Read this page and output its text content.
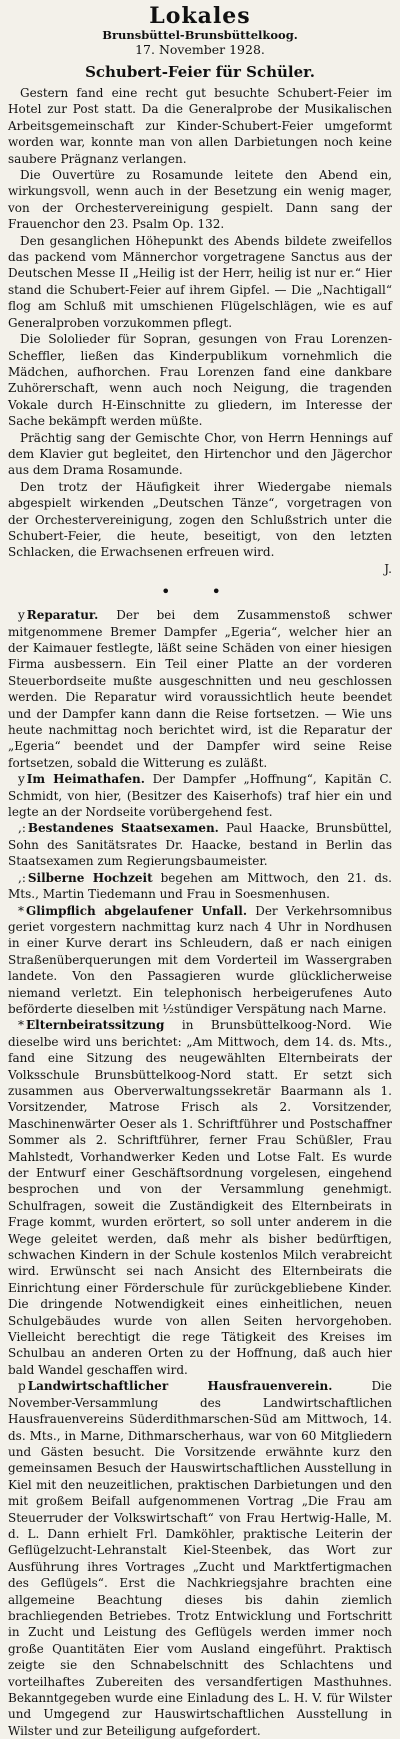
Lokales
Brunsbüttel-Brunsbüttelkoog.
17. November 1928.
Schubert-Feier für Schüler.

Gestern fand eine recht gut besuchte Schubert-Feier im Hotel zur Post statt. Da die Generalprobe der Musikalischen Arbeitsgemeinschaft zur Kinder-Schubert-Feier umgeformt worden war, konnte man von allen Darbietungen noch keine saubere Prägnanz verlangen.

Die Ouvertüre zu Rosamunde leitete den Abend ein, wirkungsvoll, wenn auch in der Besetzung ein wenig mager, von der Orchestervereinigung gespielt. Dann sang der Frauenchor den 23. Psalm Op. 132.

Den gesanglichen Höhepunkt des Abends bildete zweifellos das packend vom Männerchor vorgetragene Sanctus aus der Deutschen Messe II „Heilig ist der Herr, heilig ist nur er.“ Hier stand die Schubert-Feier auf ihrem Gipfel. — Die „Nachtigall“ flog am Schluß mit umschienen Flügelschlägen, wie es auf Generalproben vorzukommen pflegt.

Die Sololieder für Sopran, gesungen von Frau Lorenzen-Scheffler, ließen das Kinderpublikum vornehmlich die Mädchen, aufhorchen. Frau Lorenzen fand eine dankbare Zuhörerschaft, wenn auch noch Neigung, die tragenden Vokale durch H-Einschnitte zu gliedern, im Interesse der Sache bekämpft werden müßte.

Prächtig sang der Gemischte Chor, von Herrn Hennings auf dem Klavier gut begleitet, den Hirtenchor und den Jägerchor aus dem Drama Rosamunde.

Den trotz der Häufigkeit ihrer Wiedergabe niemals abgespielt wirkenden „Deutschen Tänze“, vorgetragen von der Orchestervereinigung, zogen den Schlußstrich unter die Schubert-Feier, die heute, beseitigt, von den letzten Schlacken, die Erwachsenen erfreuen wird.

J.

• •

y Reparatur. Der bei dem Zusammenstoß schwer mitgenommene Bremer Dampfer „Egeria“, welcher hier an der Kaimauer festlegte, läßt seine Schäden von einer hiesigen Firma ausbessern. Ein Teil einer Platte an der vorderen Steuerbordseite mußte ausgeschnitten und neu geschlossen werden. Die Reparatur wird voraussichtlich heute beendet und der Dampfer kann dann die Reise fortsetzen. — Wie uns heute nachmittag noch berichtet wird, ist die Reparatur der „Egeria“ beendet und der Dampfer wird seine Reise fortsetzen, sobald die Witterung es zuläßt.

y Im Heimathafen. Der Dampfer „Hoffnung“, Kapitän C. Schmidt, von hier, (Besitzer des Kaiserhofs) traf hier ein und legte an der Nordseite vorübergehend fest.

,: Bestandenes Staatsexamen. Paul Haacke, Brunsbüttel, Sohn des Sanitätsrates Dr. Haacke, bestand in Berlin das Staatsexamen zum Regierungsbaumeister.

,: Silberne Hochzeit begehen am Mittwoch, den 21. ds. Mts., Martin Tiedemann und Frau in Soesmenhusen.

* Glimpflich abgelaufener Unfall. Der Verkehrsomnibus geriet vorgestern nachmittag kurz nach 4 Uhr in Nordhusen in einer Kurve derart ins Schleudern, daß er nach einigen Straßenüberquerungen mit dem Vorderteil im Wassergraben landete. Von den Passagieren wurde glücklicherweise niemand verletzt. Ein telephonisch herbeigerufenes Auto beförderte dieselben mit ½stündiger Verspätung nach Marne.

* Elternbeiratssitzung in Brunsbüttelkoog-Nord. Wie dieselbe wird uns berichtet: „Am Mittwoch, dem 14. ds. Mts., fand eine Sitzung des neugewählten Elternbeirats der Volksschule Brunsbüttelkoog-Nord statt. Er setzt sich zusammen aus Oberverwaltungssekretär Baarmann als 1. Vorsitzender, Matrose Frisch als 2. Vorsitzender, Maschinenwärter Oeser als 1. Schriftführer und Postschaffner Sommer als 2. Schriftführer, ferner Frau Schüßler, Frau Mahlstedt, Vorhandwerker Keden und Lotse Falt. Es wurde der Entwurf einer Geschäftsordnung vorgelesen, eingehend besprochen und von der Versammlung genehmigt. Schulfragen, soweit die Zuständigkeit des Elternbeirats in Frage kommt, wurden erörtert, so soll unter anderem in die Wege geleitet werden, daß mehr als bisher bedürftigen, schwachen Kindern in der Schule kostenlos Milch verabreicht wird. Erwünscht sei nach Ansicht des Elternbeirats die Einrichtung einer Förderschule für zurückgebliebene Kinder. Die dringende Notwendigkeit eines einheitlichen, neuen Schulgebäudes wurde von allen Seiten hervorgehoben. Vielleicht berechtigt die rege Tätigkeit des Kreises im Schulbau an anderen Orten zu der Hoffnung, daß auch hier bald Wandel geschaffen wird.

p Landwirtschaftlicher Hausfrauenverein.	Die November-Versammlung des Landwirtschaftlichen Hausfrauenvereins Süderdithmarschen-Süd am Mittwoch, 14. ds. Mts., in Marne, Dithmarscherhaus, war von 60 Mitgliedern und Gästen besucht. Die Vorsitzende erwähnte kurz den gemeinsamen Besuch der Hauswirtschaftlichen Ausstellung in Kiel mit den neuzeitlichen, praktischen Darbietungen und den mit großem Beifall aufgenommenen Vortrag „Die Frau am Steuerruder der Volkswirtschaft“ von Frau Hertwig-Halle, M. d. L. Dann erhielt Frl. Damköhler, praktische Leiterin der Geflügelzucht-Lehranstalt Kiel-Steenbek, das Wort zur Ausführung ihres Vortrages „Zucht und Marktfertigmachen des Geflügels“. Erst die Nachkriegsjahre brachten eine allgemeine Beachtung dieses bis dahin ziemlich brachliegenden Betriebes. Trotz Entwicklung und Fortschritt in Zucht und Leistung des Geflügels werden immer noch große Quantitäten Eier vom Ausland eingeführt. Praktisch zeigte sie den Schnabelschnitt des Schlachtens und vorteilhaftes Zubereiten des versandfertigen Masthuhnes. Bekanntgegeben wurde eine Einladung des L. H. V. für Wilster und Umgegend zur Hauswirtschaftlichen Ausstellung in Wilster und zur Beteiligung aufgefordert.
